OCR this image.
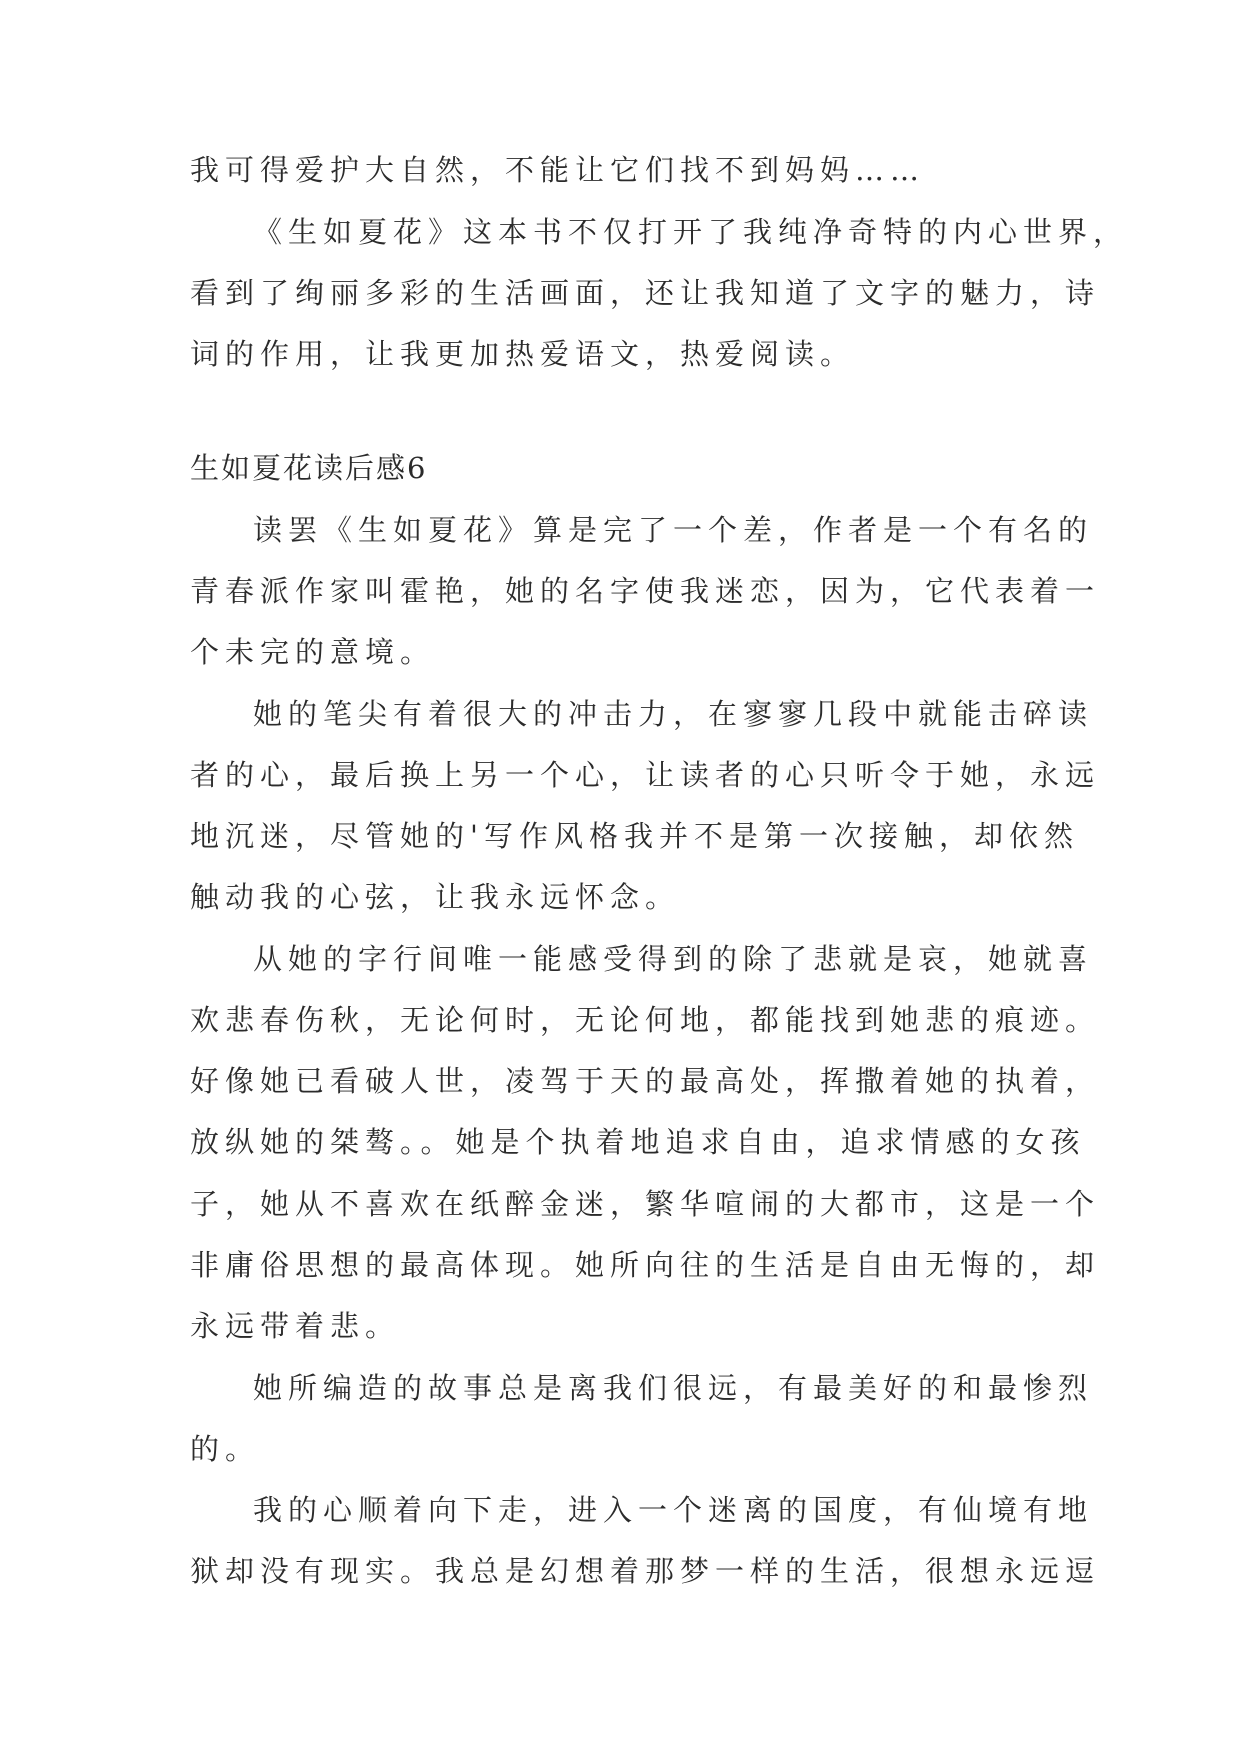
我可得爱护大自然，不能让它们找不到妈妈……
《生如夏花》这本书不仅打开了我纯净奇特的内心世界，
看到了绚丽多彩的生活画面，还让我知道了文字的魅力，诗
词的作用，让我更加热爱语文，热爱阅读。
生如夏花读后感6
读罢《生如夏花》算是完了一个差，作者是一个有名的
青春派作家叫霍艳，她的名字使我迷恋，因为，它代表着一
个未完的意境。
她的笔尖有着很大的冲击力，在寥寥几段中就能击碎读
者的心，最后换上另一个心，让读者的心只听令于她，永远
地沉迷，尽管她的'写作风格我并不是第一次接触，却依然
触动我的心弦，让我永远怀念。
从她的字行间唯一能感受得到的除了悲就是哀，她就喜
欢悲春伤秋，无论何时，无论何地，都能找到她悲的痕迹。
好像她已看破人世，凌驾于天的最高处，挥撒着她的执着，
放纵她的桀骜。。她是个执着地追求自由，追求情感的女孩
子，她从不喜欢在纸醉金迷，繁华喧闹的大都市，这是一个
非庸俗思想的最高体现。她所向往的生活是自由无悔的，却
永远带着悲。
她所编造的故事总是离我们很远，有最美好的和最惨烈
的。
我的心顺着向下走，进入一个迷离的国度，有仙境有地
狱却没有现实。我总是幻想着那梦一样的生活，很想永远逗
